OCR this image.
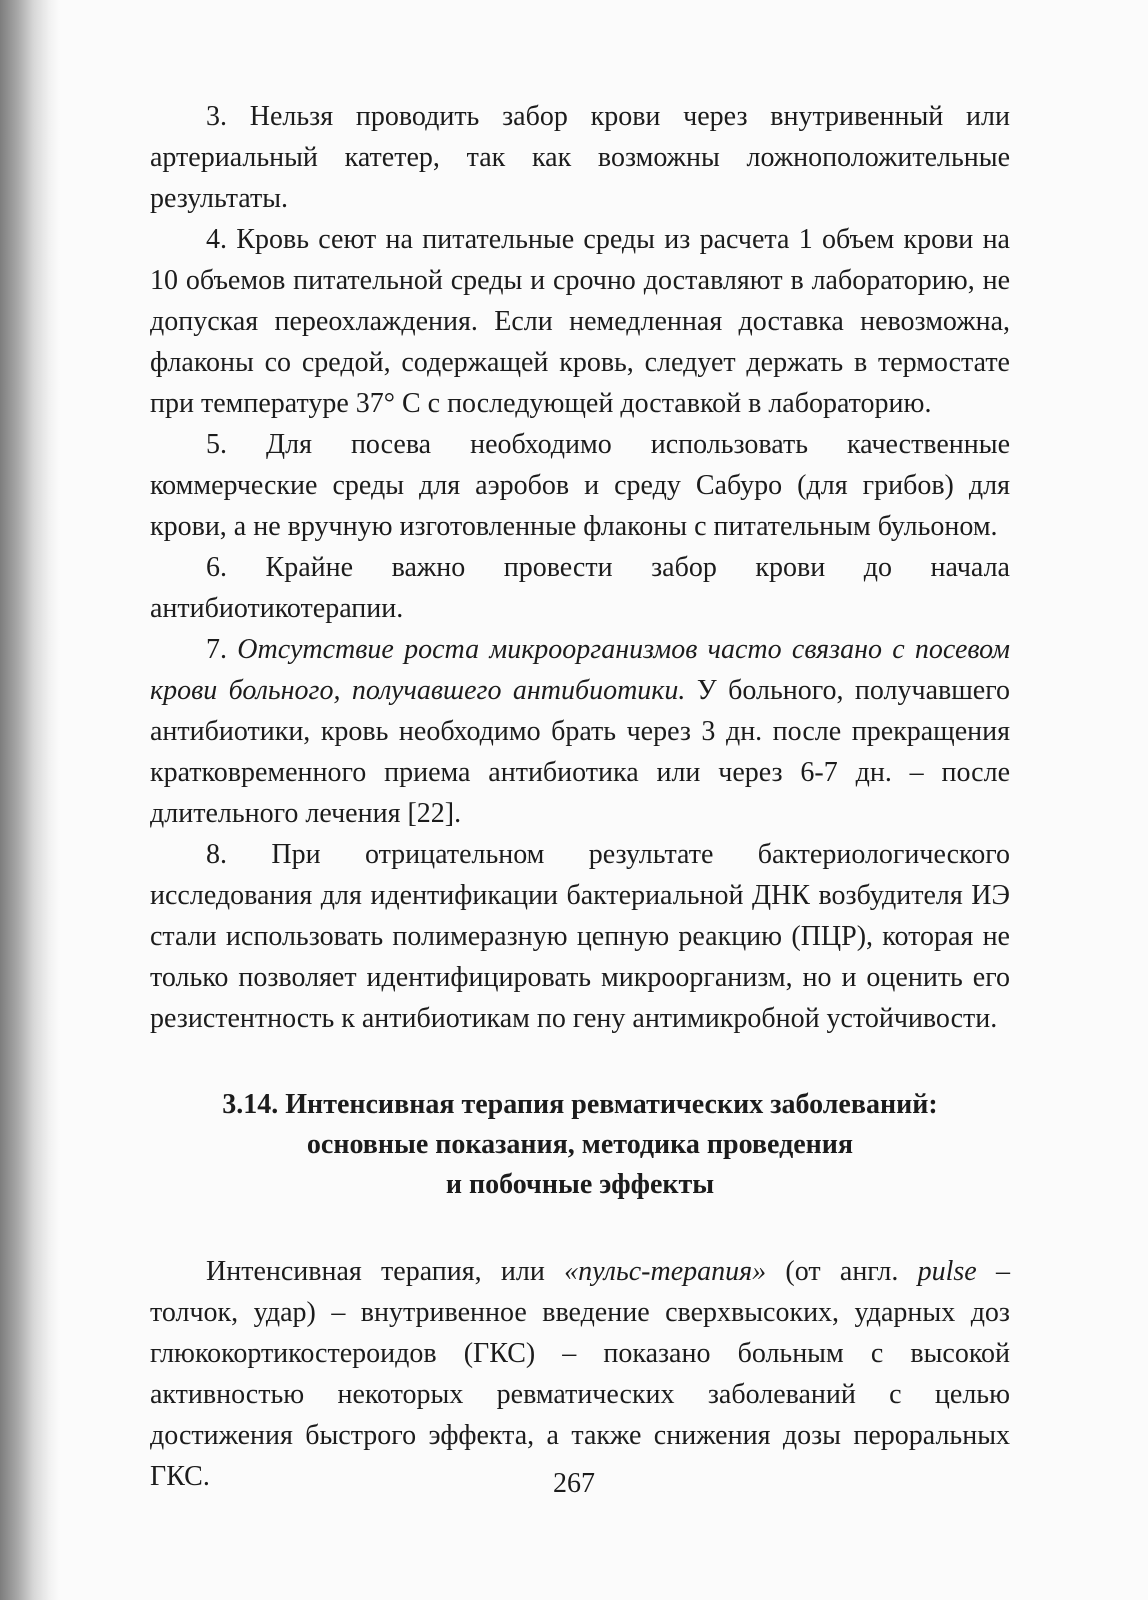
3. Нельзя проводить забор крови через внутривенный или артериальный катетер, так как возможны ложноположительные результаты.

4. Кровь сеют на питательные среды из расчета 1 объем крови на 10 объемов питательной среды и срочно доставляют в лабораторию, не допуская переохлаждения. Если немедленная доставка невозможна, флаконы со средой, содержащей кровь, следует держать в термостате при температуре 37° С с последующей доставкой в лабораторию.

5. Для посева необходимо использовать качественные коммерческие среды для аэробов и среду Сабуро (для грибов) для крови, а не вручную изготовленные флаконы с питательным бульоном.

6. Крайне важно провести забор крови до начала антибиотикотерапии.

7. Отсутствие роста микроорганизмов часто связано с посевом крови больного, получавшего антибиотики. У больного, получавшего антибиотики, кровь необходимо брать через 3 дн. после прекращения кратковременного приема антибиотика или через 6-7 дн. – после длительного лечения [22].

8. При отрицательном результате бактериологического исследования для идентификации бактериальной ДНК возбудителя ИЭ стали использовать полимеразную цепную реакцию (ПЦР), которая не только позволяет идентифицировать микроорганизм, но и оценить его резистентность к антибиотикам по гену антимикробной устойчивости.

3.14. Интенсивная терапия ревматических заболеваний:
основные показания, методика проведения
и побочные эффекты

Интенсивная терапия, или «пульс-терапия» (от англ. pulse – толчок, удар) – внутривенное введение сверхвысоких, ударных доз глюкокортикостероидов (ГКС) – показано больным с высокой активностью некоторых ревматических заболеваний с целью достижения быстрого эффекта, а также снижения дозы пероральных ГКС.	267
